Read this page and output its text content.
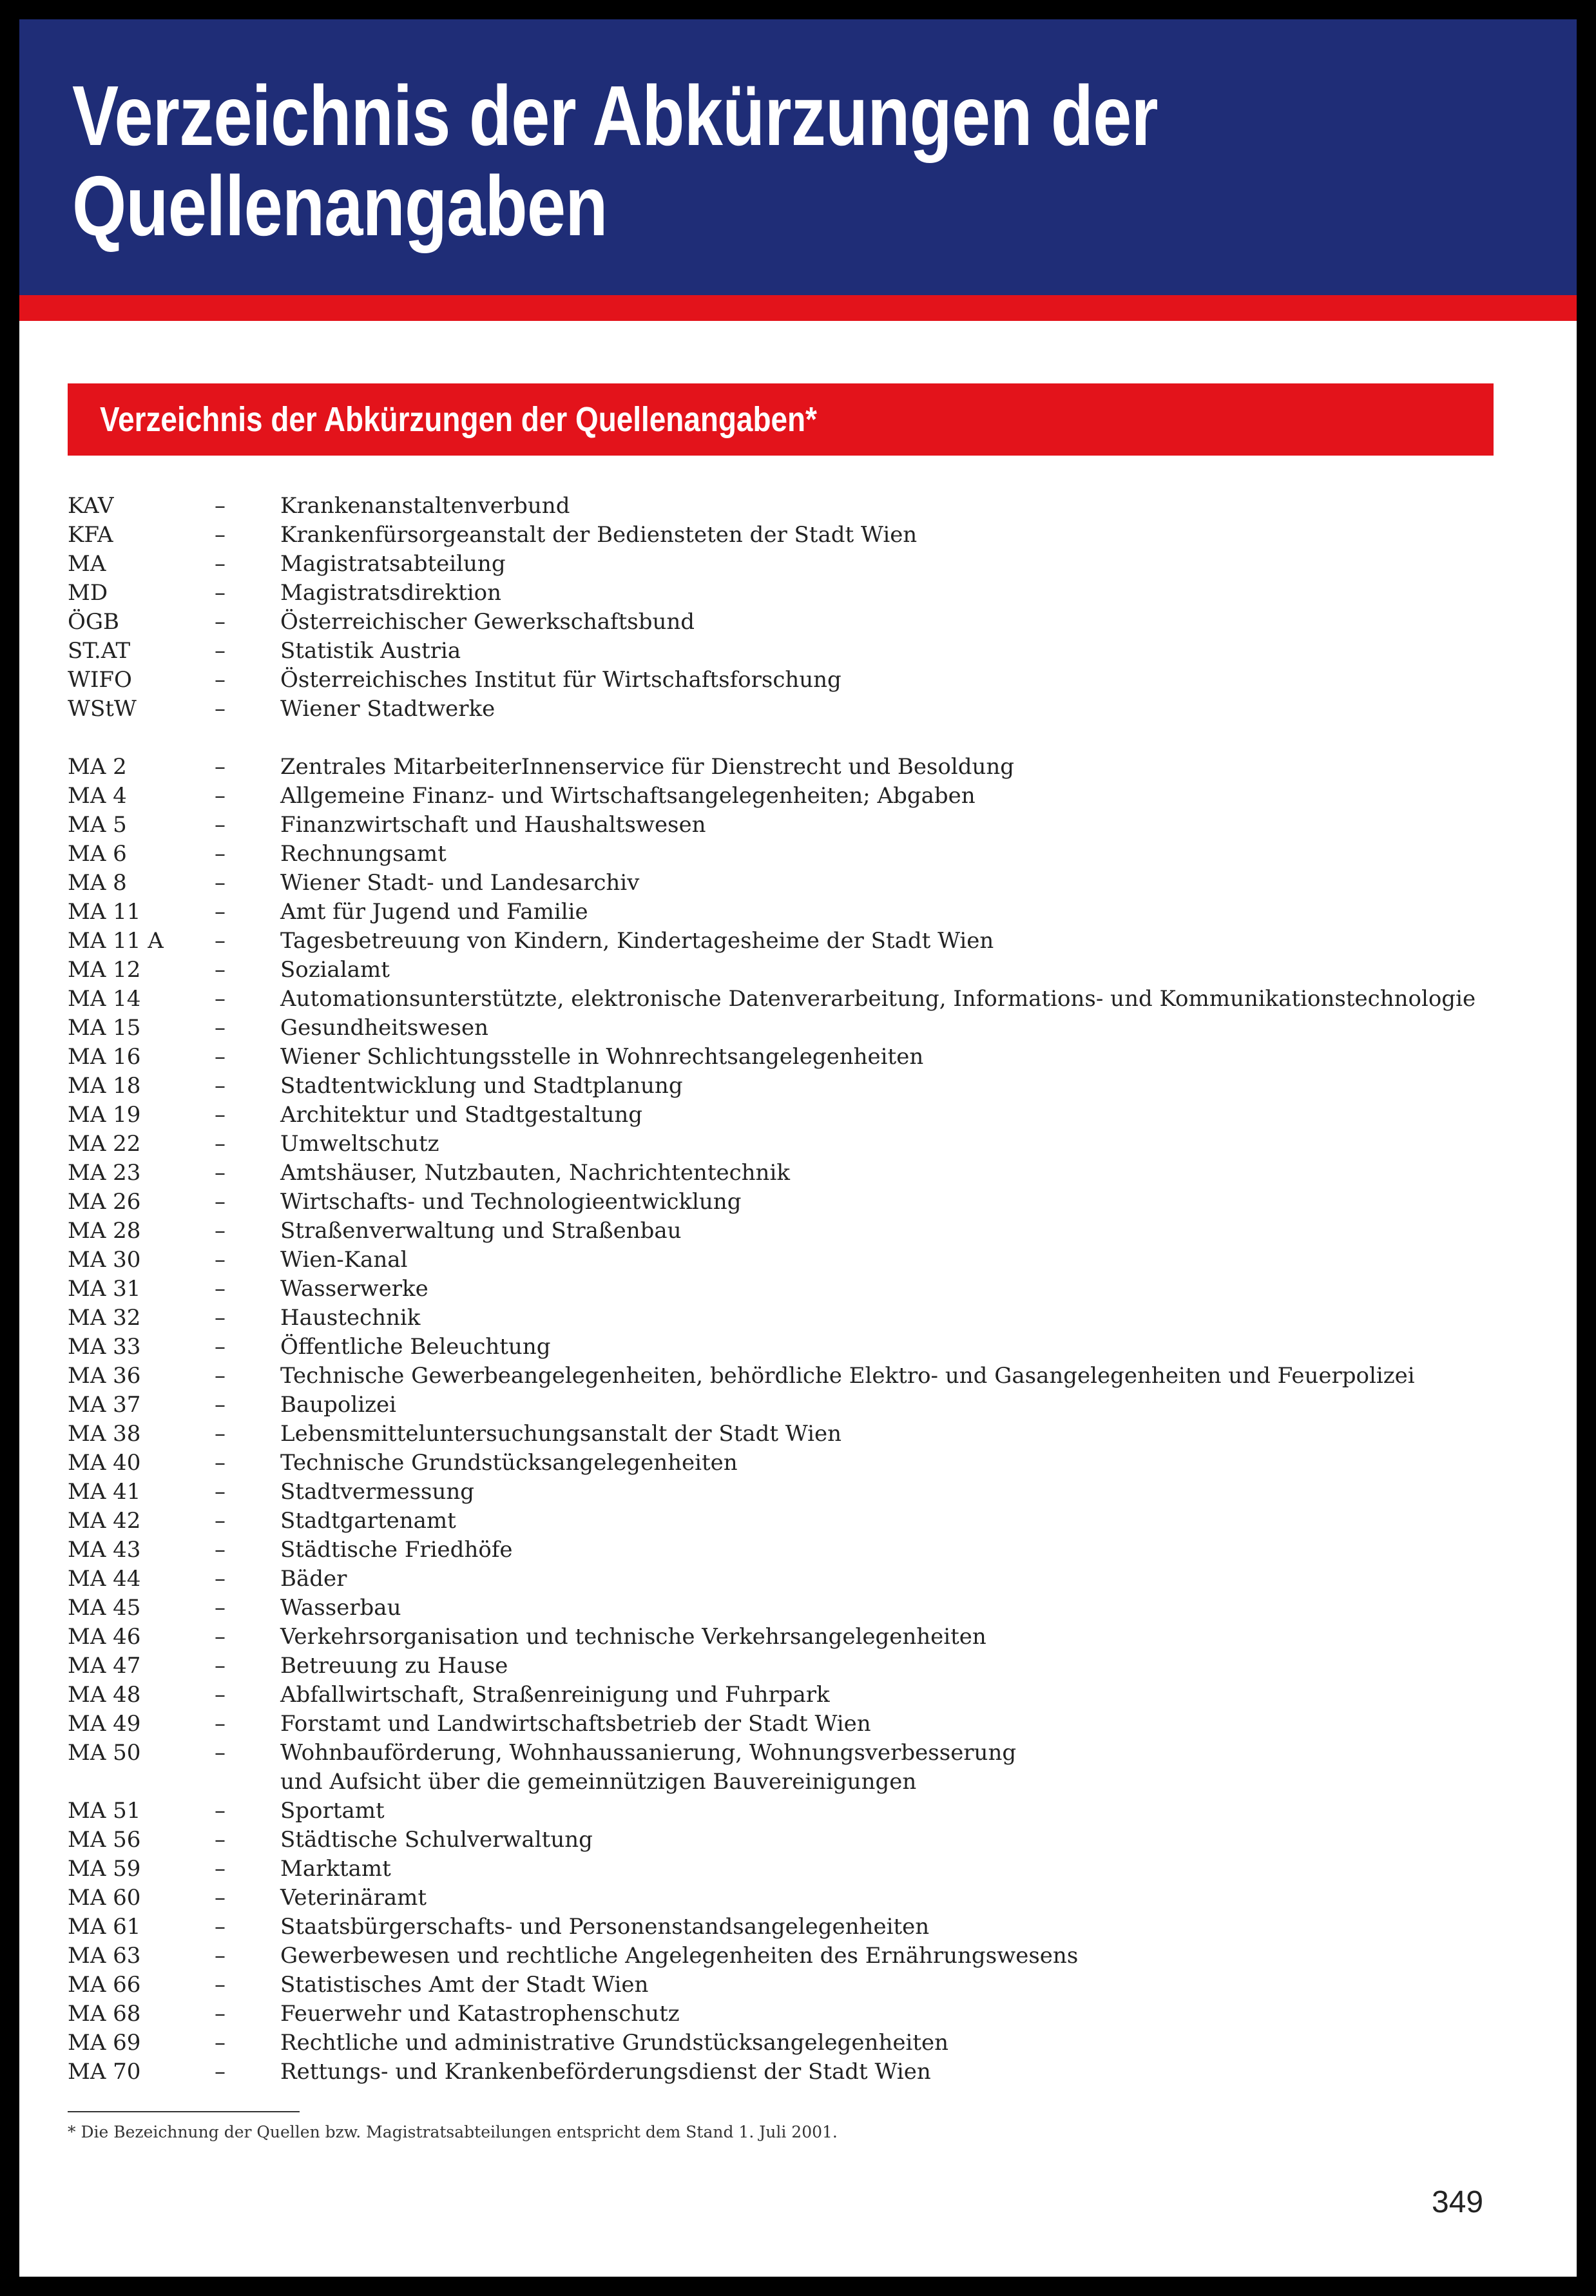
Verzeichnis der Abkürzungen der
Quellenangaben
Verzeichnis der Abkürzungen der Quellenangaben*
KAV	–	Krankenanstaltenverbund
KFA	–	Krankenfürsorgeanstalt der Bediensteten der Stadt Wien
MA	–	Magistratsabteilung
MD	–	Magistratsdirektion
ÖGB	–	Österreichischer Gewerkschaftsbund
ST.AT	–	Statistik Austria
WIFO	–	Österreichisches Institut für Wirtschaftsforschung
WStW	–	Wiener Stadtwerke
MA 2	–	Zentrales MitarbeiterInnenservice für Dienstrecht und Besoldung
MA 4	–	Allgemeine Finanz- und Wirtschaftsangelegenheiten; Abgaben
MA 5	–	Finanzwirtschaft und Haushaltswesen
MA 6	–	Rechnungsamt
MA 8	–	Wiener Stadt- und Landesarchiv
MA 11	–	Amt für Jugend und Familie
MA 11 A –	Tagesbetreuung von Kindern, Kindertagesheime der Stadt Wien
MA 12	–	Sozialamt
MA 14	–	Automationsunterstützte, elektronische Datenverarbeitung, Informations- und Kommunikationstechnologie
MA 15	–	Gesundheitswesen
MA 16	–	Wiener Schlichtungsstelle in Wohnrechtsangelegenheiten
MA 18	–	Stadtentwicklung und Stadtplanung
MA 19	–	Architektur und Stadtgestaltung
MA 22	–	Umweltschutz
MA 23	–	Amtshäuser, Nutzbauten, Nachrichtentechnik
MA 26	–	Wirtschafts- und Technologieentwicklung
MA 28	–	Straßenverwaltung und Straßenbau
MA 30	–	Wien-Kanal
MA 31	–	Wasserwerke
MA 32	–	Haustechnik
MA 33	–	Öffentliche Beleuchtung
MA 36	–	Technische Gewerbeangelegenheiten, behördliche Elektro- und Gasangelegenheiten und Feuerpolizei
MA 37	–	Baupolizei
MA 38	–	Lebensmitteluntersuchungsanstalt der Stadt Wien
MA 40	–	Technische Grundstücksangelegenheiten
MA 41	–	Stadtvermessung
MA 42	–	Stadtgartenamt
MA 43	–	Städtische Friedhöfe
MA 44	–	Bäder
MA 45	–	Wasserbau
MA 46	–	Verkehrsorganisation und technische Verkehrsangelegenheiten
MA 47	–	Betreuung zu Hause
MA 48	–	Abfallwirtschaft, Straßenreinigung und Fuhrpark
MA 49	–	Forstamt und Landwirtschaftsbetrieb der Stadt Wien
MA 50	–	Wohnbauförderung, Wohnhaussanierung, Wohnungsverbesserung
und Aufsicht über die gemeinnützigen Bauvereinigungen
MA 51	–	Sportamt
MA 56	–	Städtische Schulverwaltung
MA 59	–	Marktamt
MA 60	–	Veterinäramt
MA 61	–	Staatsbürgerschafts- und Personenstandsangelegenheiten
MA 63	–	Gewerbewesen und rechtliche Angelegenheiten des Ernährungswesens
MA 66	–	Statistisches Amt der Stadt Wien
MA 68	–	Feuerwehr und Katastrophenschutz
MA 69	–	Rechtliche und administrative Grundstücksangelegenheiten
MA 70	–	Rettungs- und Krankenbeförderungsdienst der Stadt Wien
* Die Bezeichnung der Quellen bzw. Magistratsabteilungen entspricht dem Stand 1. Juli 2001.
349
